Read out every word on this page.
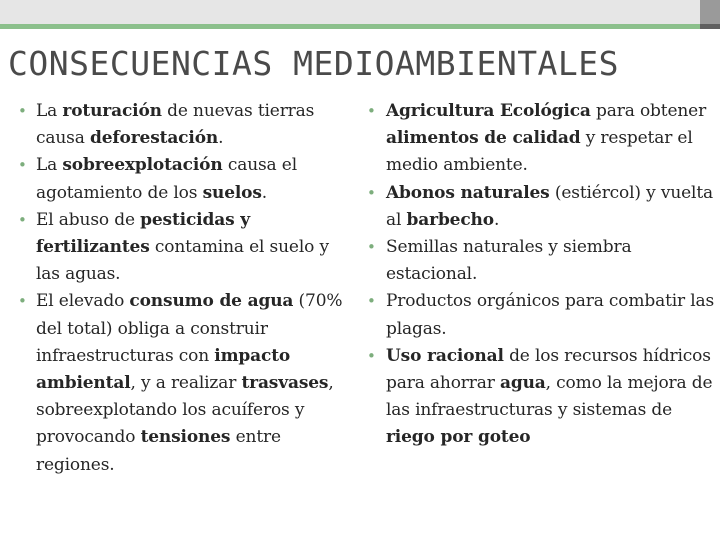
CONSECUENCIAS MEDIOAMBIENTALES
• La roturación de nuevas tierras causa deforestación.
• La sobreexplotación causa el agotamiento de los suelos.
• El abuso de pesticidas y fertilizantes contamina el suelo y las aguas.
• El elevado consumo de agua (70% del total) obliga a construir infraestructuras con impacto ambiental, y a realizar trasvases, sobreexplotando los acuíferos y provocando tensiones entre regiones.
• Agricultura Ecológica para obtener alimentos de calidad y respetar el medio ambiente.
• Abonos naturales (estiércol) y vuelta al barbecho.
• Semillas naturales y siembra estacional.
• Productos orgánicos para combatir las plagas.
• Uso racional de los recursos hídricos para ahorrar agua, como la mejora de las infraestructuras y sistemas de riego por goteo
